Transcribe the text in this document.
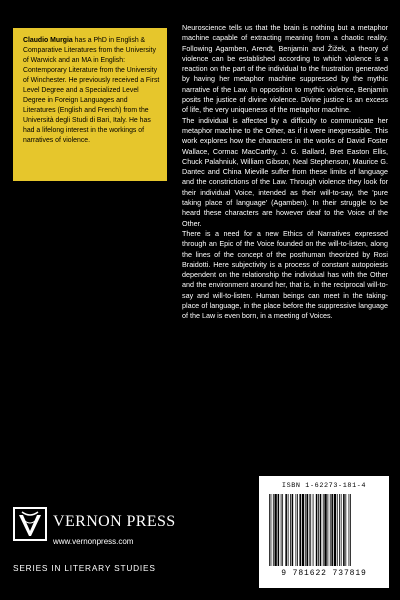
Claudio Murgia has a PhD in English & Comparative Literatures from the University of Warwick and an MA in English: Contemporary Literature from the University of Winchester. He previously received a First Level Degree and a Specialized Level Degree in Foreign Languages and Literatures (English and French) from the Università degli Studi di Bari, Italy. He has had a lifelong interest in the workings of narratives of violence.

Neuroscience tells us that the brain is nothing but a metaphor machine capable of extracting meaning from a chaotic reality. Following Agamben, Arendt, Benjamin and Žižek, a theory of violence can be established according to which violence is a reaction on the part of the individual to the frustration generated by having her metaphor machine suppressed by the mythic narrative of the Law. In opposition to mythic violence, Benjamin posits the justice of divine violence. Divine justice is an excess of life, the very uniqueness of the metaphor machine.

The individual is affected by a difficulty to communicate her metaphor machine to the Other, as if it were inexpressible. This work explores how the characters in the works of David Foster Wallace, Cormac MacCarthy, J. G. Ballard, Bret Easton Ellis, Chuck Palahniuk, William Gibson, Neal Stephenson, Maurice G. Dantec and China Mieville suffer from these limits of language and the constrictions of the Law. Through violence they look for their individual Voice, intended as their will-to-say, the 'pure taking place of language' (Agamben). In their struggle to be heard these characters are however deaf to the Voice of the Other.

There is a need for a new Ethics of Narratives expressed through an Epic of the Voice founded on the will-to-listen, along the lines of the concept of the posthuman theorized by Rosi Braidotti. Here subjectivity is a process of constant autopoiesis dependent on the relationship the individual has with the Other and the environment around her, that is, in the reciprocal will-to-say and will-to-listen. Human beings can meet in the taking-place of language, in the place before the suppressive language of the Law is even born, in a meeting of Voices.

ISBN 1-62273-181-4
9 781622 737819
VERNON PRESS
www.vernonpress.com
SERIES IN LITERARY STUDIES
